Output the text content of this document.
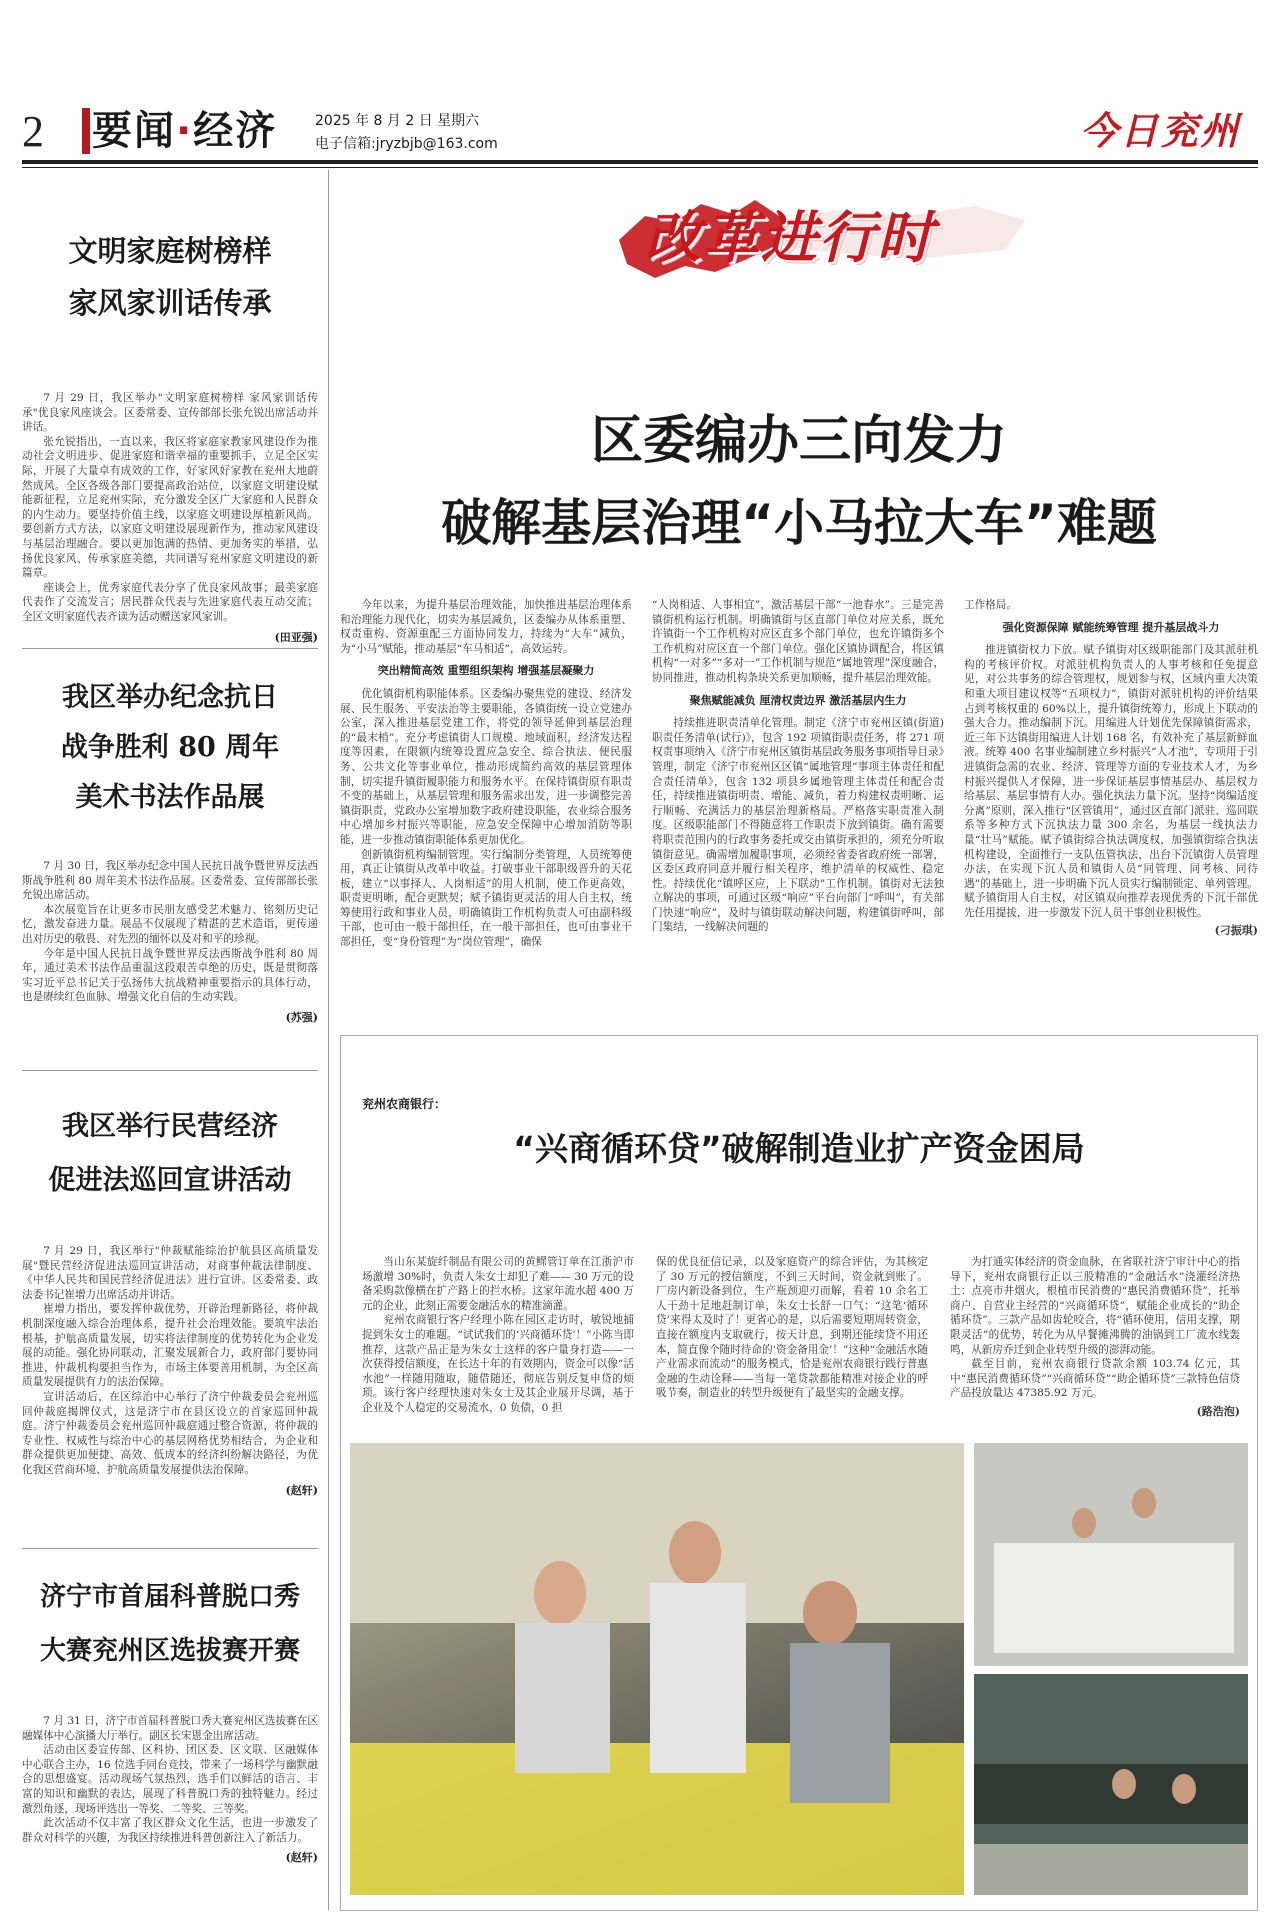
2 要闻·经济	2025 年 8 月 2 日 星期六
电子信箱:jryzbjb@163.com	今日兖州
文明家庭树榜样
家风家训话传承

7 月 29 日，我区举办"文明家庭树榜样 家风家训话传承"优良家风座谈会。区委常委、宣传部部长张允锐出席活动并讲话。

张允锐指出，一直以来，我区将家庭家教家风建设作为推动社会文明进步、促进家庭和谐幸福的重要抓手，立足全区实际，开展了大量卓有成效的工作，好家风好家教在兖州大地蔚然成风。全区各级各部门要提高政治站位，以家庭文明建设赋能新征程，立足兖州实际，充分激发全区广大家庭和人民群众的内生动力。要坚持价值主线，以家庭文明建设厚植新风尚。要创新方式方法，以家庭文明建设展现新作为，推动家风建设与基层治理融合。要以更加饱满的热情、更加务实的举措，弘扬优良家风、传承家庭美德，共同谱写兖州家庭文明建设的新篇章。

座谈会上，优秀家庭代表分享了优良家风故事；最美家庭代表作了交流发言；居民群众代表与先进家庭代表互动交流；全区文明家庭代表齐读为活动赠送家风家训。

(田亚强)
我区举办纪念抗日
战争胜利 80 周年
美术书法作品展

7 月 30 日，我区举办纪念中国人民抗日战争暨世界反法西斯战争胜利 80 周年美术书法作品展。区委常委、宣传部部长张允锐出席活动。

本次展览旨在让更多市民朋友感受艺术魅力、铭刻历史记忆，激发奋进力量。展品不仅展现了精湛的艺术造诣，更传递出对历史的敬畏、对先烈的缅怀以及对和平的珍视。

今年是中国人民抗日战争暨世界反法西斯战争胜利 80 周年，通过美术书法作品重温这段艰苦卓绝的历史，既是贯彻落实习近平总书记关于弘扬伟大抗战精神重要指示的具体行动，也是赓续红色血脉、增强文化自信的生动实践。

(苏强)
我区举行民营经济
促进法巡回宣讲活动

7 月 29 日，我区举行"仲裁赋能综治护航县区高质量发展"暨民营经济促进法巡回宣讲活动，对商事仲裁法律制度、《中华人民共和国民营经济促进法》进行宣讲。区委常委、政法委书记崔增力出席活动并讲话。

崔增力指出，要发挥仲裁优势，开辟治理新路径，将仲裁机制深度融入综合治理体系，提升社会治理效能。要筑牢法治根基，护航高质量发展，切实将法律制度的优势转化为企业发展的动能。强化协同联动，汇聚发展新合力，政府部门要协同推进，仲裁机构要担当作为，市场主体要善用机制，为全区高质量发展提供有力的法治保障。

宣讲活动后，在区综治中心举行了济宁仲裁委员会兖州巡回仲裁庭揭牌仪式，这是济宁市在县区设立的首家巡回仲裁庭。济宁仲裁委员会兖州巡回仲裁庭通过整合资源，将仲裁的专业性、权威性与综治中心的基层网格优势相结合，为企业和群众提供更加便捷、高效、低成本的经济纠纷解决路径，为优化我区营商环境、护航高质量发展提供法治保障。

(赵轩)
济宁市首届科普脱口秀
大赛兖州区选拔赛开赛

7 月 31 日，济宁市首届科普脱口秀大赛兖州区选拔赛在区融媒体中心演播大厅举行。副区长宋恩金出席活动。

活动由区委宣传部、区科协、团区委、区文联、区融媒体中心联合主办，16 位选手同台竞技，带来了一场科学与幽默融合的思想盛宴。活动现场气氛热烈，选手们以鲜活的语言、丰富的知识和幽默的表达，展现了科普脱口秀的独特魅力。经过激烈角逐，现场评选出一等奖、二等奖、三等奖。

此次活动不仅丰富了我区群众文化生活，也进一步激发了群众对科学的兴趣，为我区持续推进科普创新注入了新活力。

(赵轩)
改革进行时
区委编办三向发力
破解基层治理“小马拉大车”难题

今年以来，为提升基层治理效能，加快推进基层治理体系和治理能力现代化，切实为基层减负，区委编办从体系重塑、权责重构、资源重配三方面协同发力，持续为“大车”减负，为“小马”赋能，推动基层“车马相适”，高效运转。

突出精简高效 重塑组织架构 增强基层凝聚力

优化镇街机构职能体系。区委编办聚焦党的建设、经济发展、民生服务、平安法治等主要职能，各镇街统一设立党建办公室，深入推进基层党建工作，将党的领导延伸到基层治理的“最末梢”。充分考虑镇街人口规模、地域面积，经济发达程度等因素，在限额内统筹设置应急安全、综合执法、便民服务、公共文化等事业单位，推动形成简约高效的基层管理体制，切实提升镇街履职能力和服务水平。在保持镇街原有职责不变的基础上，从基层管理和服务需求出发，进一步调整完善镇街职责，党政办公室增加数字政府建设职能，农业综合服务中心增加乡村振兴等职能，应急安全保障中心增加消防等职能，进一步推动镇街职能体系更加优化。

创新镇街机构编制管理。实行编制分类管理，人员统筹使用，真正让镇街从改革中收益。打破事业干部职级晋升的天花板，建立“以事择人、人岗相适”的用人机制，使工作更高效，职责更明晰，配合更默契；赋予镇街更灵活的用人自主权，统筹使用行政和事业人员，明确镇街工作机构负责人可由副科级干部，也可由一般干部担任，在一般干部担任，也可由事业干部担任，变“身份管理”为“岗位管理”，确保

“人岗相适、人事相宜”，激活基层干部“一池春水”。三是完善镇街机构运行机制。明确镇街与区直部门单位对应关系，既允许镇街一个工作机构对应区直多个部门单位，也允许镇街多个工作机构对应区直一个部门单位。强化区镇协调配合，将区镇机构“一对多”“多对一”工作机制与规范“属地管理”深度融合，协同推进，推动机构条块关系更加顺畅，提升基层治理效能。

聚焦赋能减负 厘清权责边界 激活基层内生力

持续推进职责清单化管理。制定《济宁市兖州区镇(街道)职责任务清单(试行)》，包含 192 项镇街职责任务，将 271 项权责事项纳入《济宁市兖州区镇街基层政务服务事项指导目录》管理，制定《济宁市兖州区区镇“属地管理”事项主体责任和配合责任清单》，包含 132 项县乡属地管理主体责任和配合责任，持续推进镇街明责、增能、减负，着力构建权责明晰、运行顺畅、充满活力的基层治理新格局。严格落实职责准入制度。区级职能部门不得随意将工作职责下放到镇街。确有需要将职责范围内的行政事务委托或交由镇街承担的，须充分听取镇街意见。确需增加履职事项，必须经省委省政府统一部署，区委区政府同意并履行相关程序，维护清单的权威性、稳定性。持续优化“镇呼区应，上下联动”工作机制。镇街对无法独立解决的事项，可通过区级“响应”平台向部门“呼叫”，有关部门快速“响应”，及时与镇街联动解决问题，构建镇街呼叫，部门集结，一线解决问题的

工作格局。

强化资源保障 赋能统筹管理 提升基层战斗力

推进镇街权力下放。赋予镇街对区级职能部门及其派驻机构的考核评价权。对派驻机构负责人的人事考核和任免提意见，对公共事务的综合管理权，规划参与权，区域内重大决策和重大项目建议权等“五项权力”，镇街对派驻机构的评价结果占到考核权重的 60%以上，提升镇街统筹力，形成上下联动的强大合力。推动编制下沉。用编进人计划优先保障镇街需求，近三年下达镇街用编进人计划 168 名，有效补充了基层新鲜血液。统筹 400 名事业编制建立乡村振兴“人才池”，专项用于引进镇街急需的农业、经济、管理等方面的专业技术人才，为乡村振兴提供人才保障，进一步保证基层事情基层办、基层权力给基层、基层事情有人办。强化执法力量下沉。坚持“岗编适度分离”原则，深入推行“区管镇用”，通过区直部门派驻、巡回联系等多种方式下沉执法力量 300 余名，为基层一线执法力量“壮马”赋能。赋予镇街综合执法调度权，加强镇街综合执法机构建设，全面推行一支队伍管执法，出台下沉镇街人员管理办法，在实现下沉人员和镇街人员“同管理、同考核、同待遇”的基础上，进一步明确下沉人员实行编制锁定、单列管理。赋予镇街用人自主权，对区镇双向推荐表现优秀的下沉干部优先任用提拔，进一步激发下沉人员干事创业积极性。

(刁振琪)
兖州农商银行：
“兴商循环贷”破解制造业扩产资金困局

当山东某旋纤制品有限公司的黄鳏管订单在江浙沪市场激增 30%时，负责人朱女士却犯了难—— 30 万元的设备采购款像横在扩产路上的拦水桥。这家年流水超 400 万元的企业，此刻正需要金融活水的精准滴灌。

兖州农商银行客户经理小陈在园区走访时，敏锐地捕捉到朱女士的难题。“试试我们的‘兴商循环贷’！”小陈当即推荐，这款产品正是为朱女士这样的客户量身打造——一次获得授信额度，在长达十年的有效期内，资金可以像“活水池”一样随用随取，随借随还，彻底告别反复申贷的烦琐。该行客户经理快速对朱女士及其企业展开尽调，基于企业及个人稳定的交易流水，0 负债，0 担

保的优良征信记录，以及家庭资产的综合评估，为其核定了 30 万元的授信额度，不到三天时间，资金就到账了。厂房内新设备到位，生产瓶颈迎刃而解，看着 10 余名工人干劲十足地赶制订单，朱女士长舒一口气：“这笔‘循环贷’来得太及时了！更省心的是，以后需要短期周转资金，直接在额度内支取就行，按天计息，到期还能续贷不用还本，简直像个随时待命的‘资金备用金’！”这种“金融活水随产业需求而流动”的服务模式，恰是兖州农商银行践行普惠金融的生动诠释——当每一笔贷款都能精准对接企业的呼吸节奏，制造业的转型升级便有了最坚实的金融支撑。

为打通实体经济的资金血脉，在省联社济宁审计中心的指导下，兖州农商银行正以三股精准的“金融活水”浇灌经济热土：点亮市井烟火，根植市民消费的“惠民消费循环贷”，托举商户、自营业主经营的“兴商循环贷”，赋能企业成长的“助企循环贷”。三款产品如齿轮咬合，将“循环使用，信用支撑，期限灵活”的优势，转化为从早餐摊沸腾的油锅到工厂流水线轰鸣，从新房乔迁到企业转型升级的澎湃动能。

截至目前，兖州农商银行贷款余额 103.74 亿元，其中“惠民消费循环贷”“兴商循环贷”“助企循环贷”三款特色信贷产品投放量达 47385.92 万元。

(路浩泡)
